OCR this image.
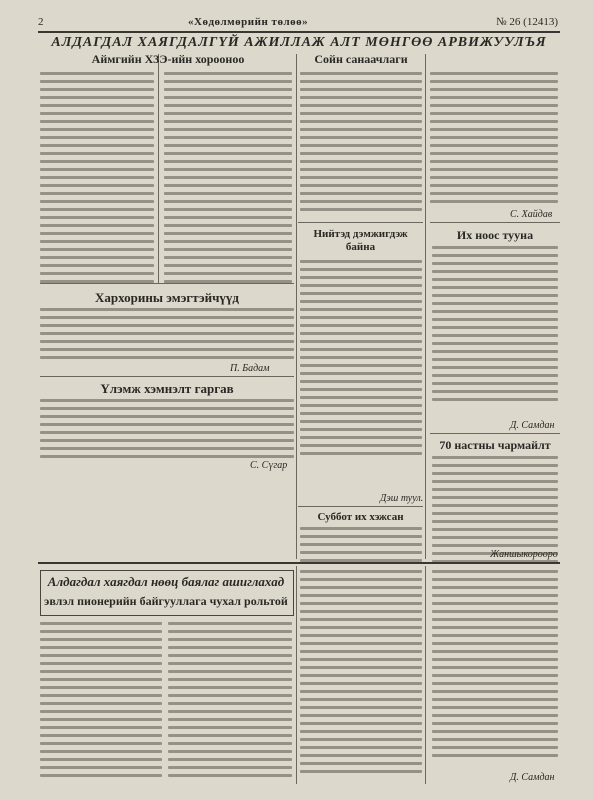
2	«Хөдөлмөрийн төлөө»	№ 26 (12413)
АЛДАГДАЛ ХАЯГДАЛГҮЙ АЖИЛЛАЖ АЛТ МӨНГӨӨ АРВИЖУУЛЪЯ
Аймгийн ХЗЭ-ийн хорооноо
Хархорины эмэгтэйчүүд
П. Бадам
Үлэмж хэмнэлт гаргав
С. Сүгар
Сойн санаачлаги
С. Хайдав
Нийтэд дэмжигдэж байна
Дэш туул.
Суббот их хэжсан
Их ноос тууна
Д. Самдан
70 настны чармайлт
Жаншыкорооро
Алдагдал хаягдал нөөц баялаг ашиглахад
эвлэл пионерийн байгууллага чухал рольтой
Д. Самдан
